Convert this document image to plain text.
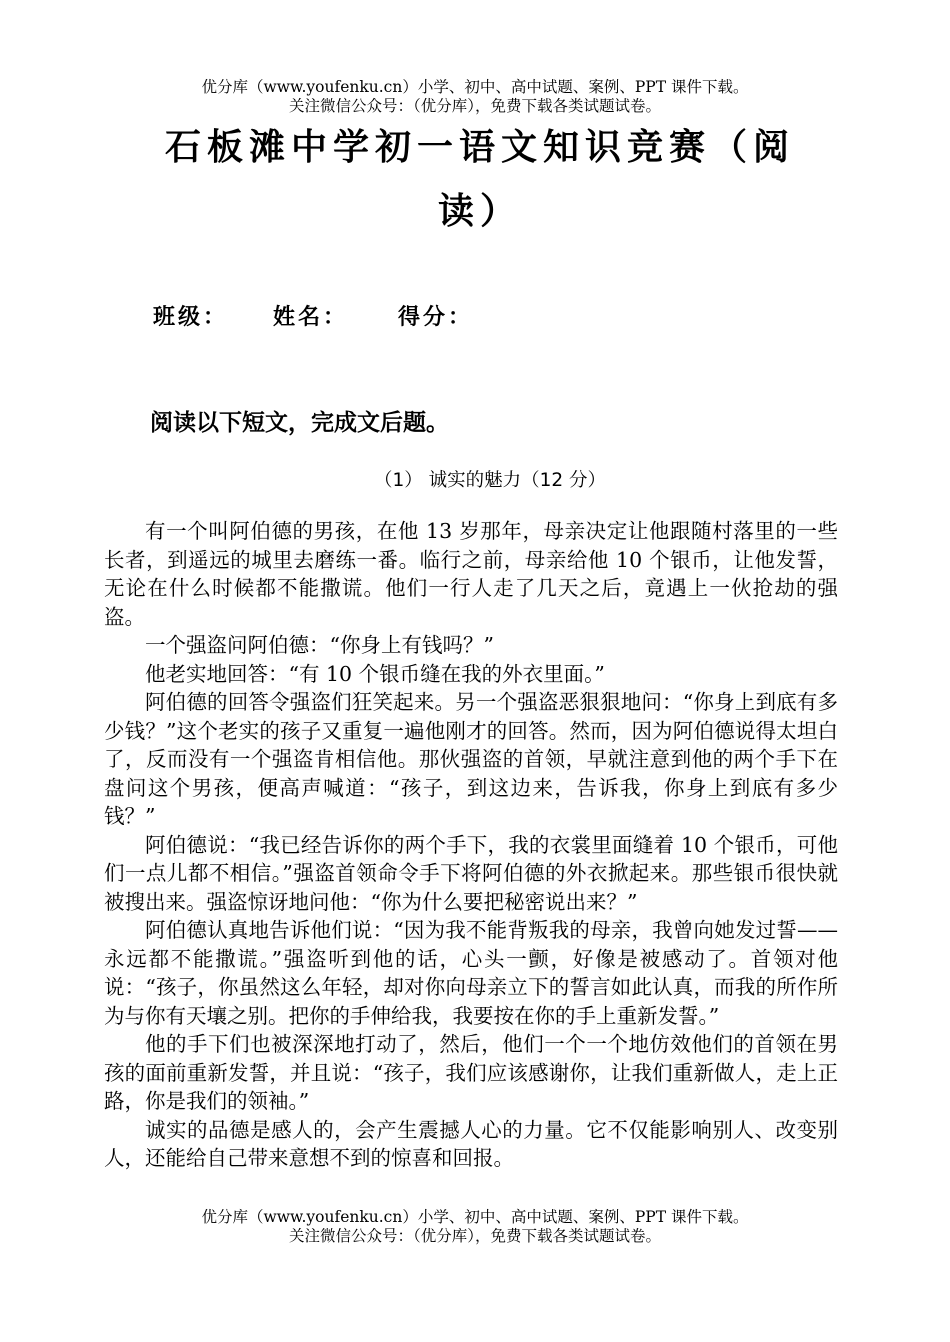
优分库（www.youfenku.cn）小学、初中、高中试题、案例、PPT 课件下载。
关注微信公众号：（优分库），免费下载各类试题试卷。
石板滩中学初一语文知识竞赛（阅
读）
班级： 姓名： 得分：
阅读以下短文，完成文后题。
（1） 诚实的魅力（12 分）

有一个叫阿伯德的男孩，在他 13 岁那年，母亲决定让他跟随村落里的一些长者，到遥远的城里去磨练一番。临行之前，母亲给他 10 个银币，让他发誓，无论在什么时候都不能撒谎。他们一行人走了几天之后，竟遇上一伙抢劫的强盗。

一个强盗问阿伯德：“你身上有钱吗？”

他老实地回答：“有 10 个银币缝在我的外衣里面。”

阿伯德的回答令强盗们狂笑起来。另一个强盗恶狠狠地问：“你身上到底有多少钱？”这个老实的孩子又重复一遍他刚才的回答。然而，因为阿伯德说得太坦白了，反而没有一个强盗肯相信他。那伙强盗的首领，早就注意到他的两个手下在盘问这个男孩，便高声喊道：“孩子，到这边来，告诉我，你身上到底有多少钱？”

阿伯德说：“我已经告诉你的两个手下，我的衣裳里面缝着 10 个银币，可他们一点儿都不相信。”强盗首领命令手下将阿伯德的外衣掀起来。那些银币很快就被搜出来。强盗惊讶地问他：“你为什么要把秘密说出来？”

阿伯德认真地告诉他们说：“因为我不能背叛我的母亲，我曾向她发过誓——永远都不能撒谎。”强盗听到他的话，心头一颤，好像是被感动了。首领对他说：“孩子，你虽然这么年轻，却对你向母亲立下的誓言如此认真，而我的所作所为与你有天壤之别。把你的手伸给我，我要按在你的手上重新发誓。”

他的手下们也被深深地打动了，然后，他们一个一个地仿效他们的首领在男孩的面前重新发誓，并且说：“孩子，我们应该感谢你，让我们重新做人，走上正路，你是我们的领袖。”

诚实的品德是感人的，会产生震撼人心的力量。它不仅能影响别人、改变别人，还能给自己带来意想不到的惊喜和回报。

优分库（www.youfenku.cn）小学、初中、高中试题、案例、PPT 课件下载。
关注微信公众号：（优分库），免费下载各类试题试卷。
